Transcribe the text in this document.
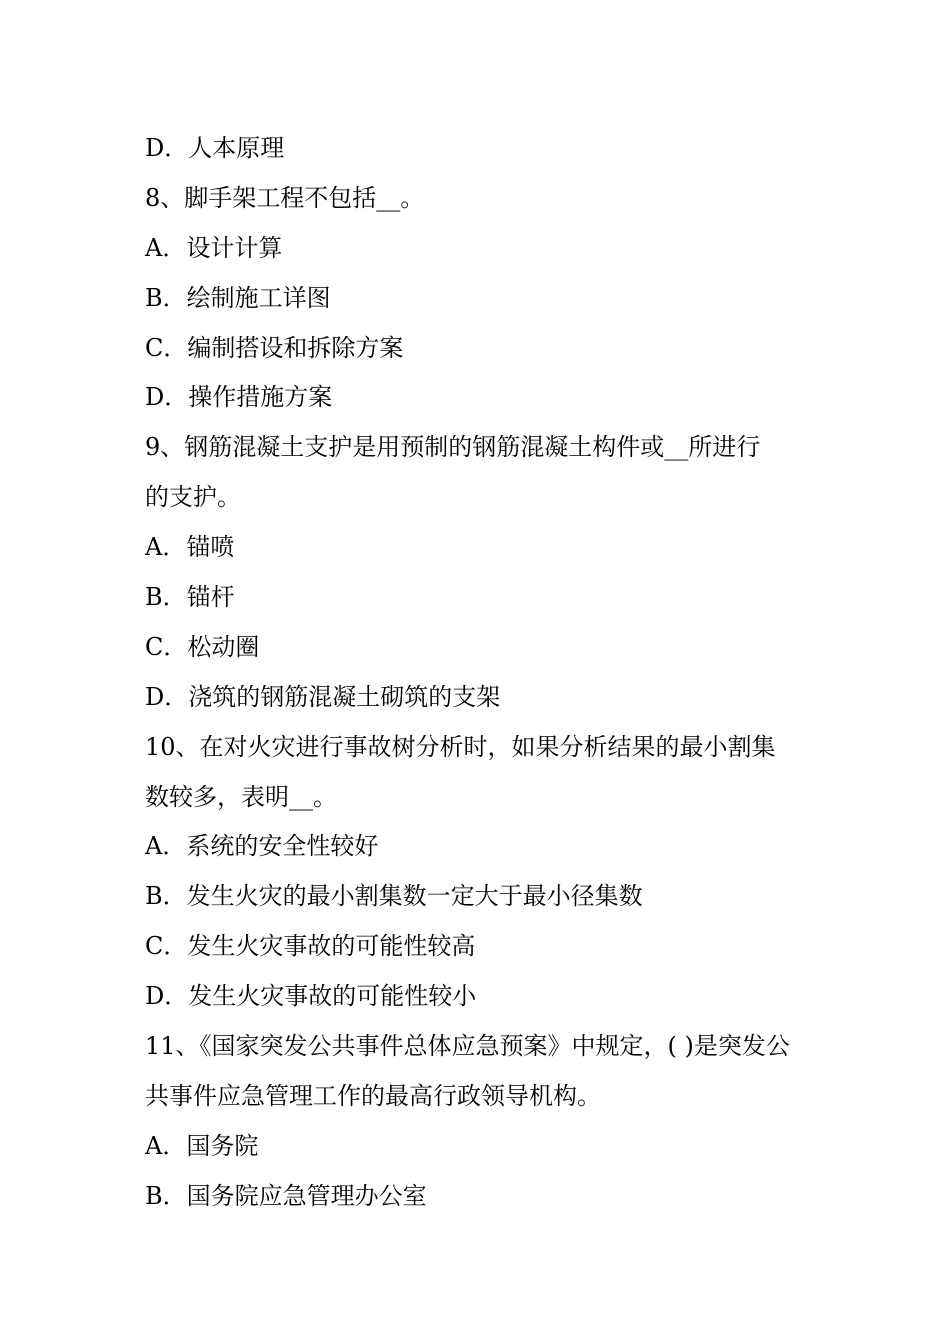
D．人本原理
8、脚手架工程不包括__。
A．设计计算
B．绘制施工详图
C．编制搭设和拆除方案
D．操作措施方案
9、钢筋混凝土支护是用预制的钢筋混凝土构件或__所进行
的支护。
A．锚喷
B．锚杆
C．松动圈
D．浇筑的钢筋混凝土砌筑的支架
10、在对火灾进行事故树分析时，如果分析结果的最小割集
数较多，表明__。
A．系统的安全性较好
B．发生火灾的最小割集数一定大于最小径集数
C．发生火灾事故的可能性较高
D．发生火灾事故的可能性较小
11、《国家突发公共事件总体应急预案》中规定，( )是突发公
共事件应急管理工作的最高行政领导机构。
A．国务院
B．国务院应急管理办公室
